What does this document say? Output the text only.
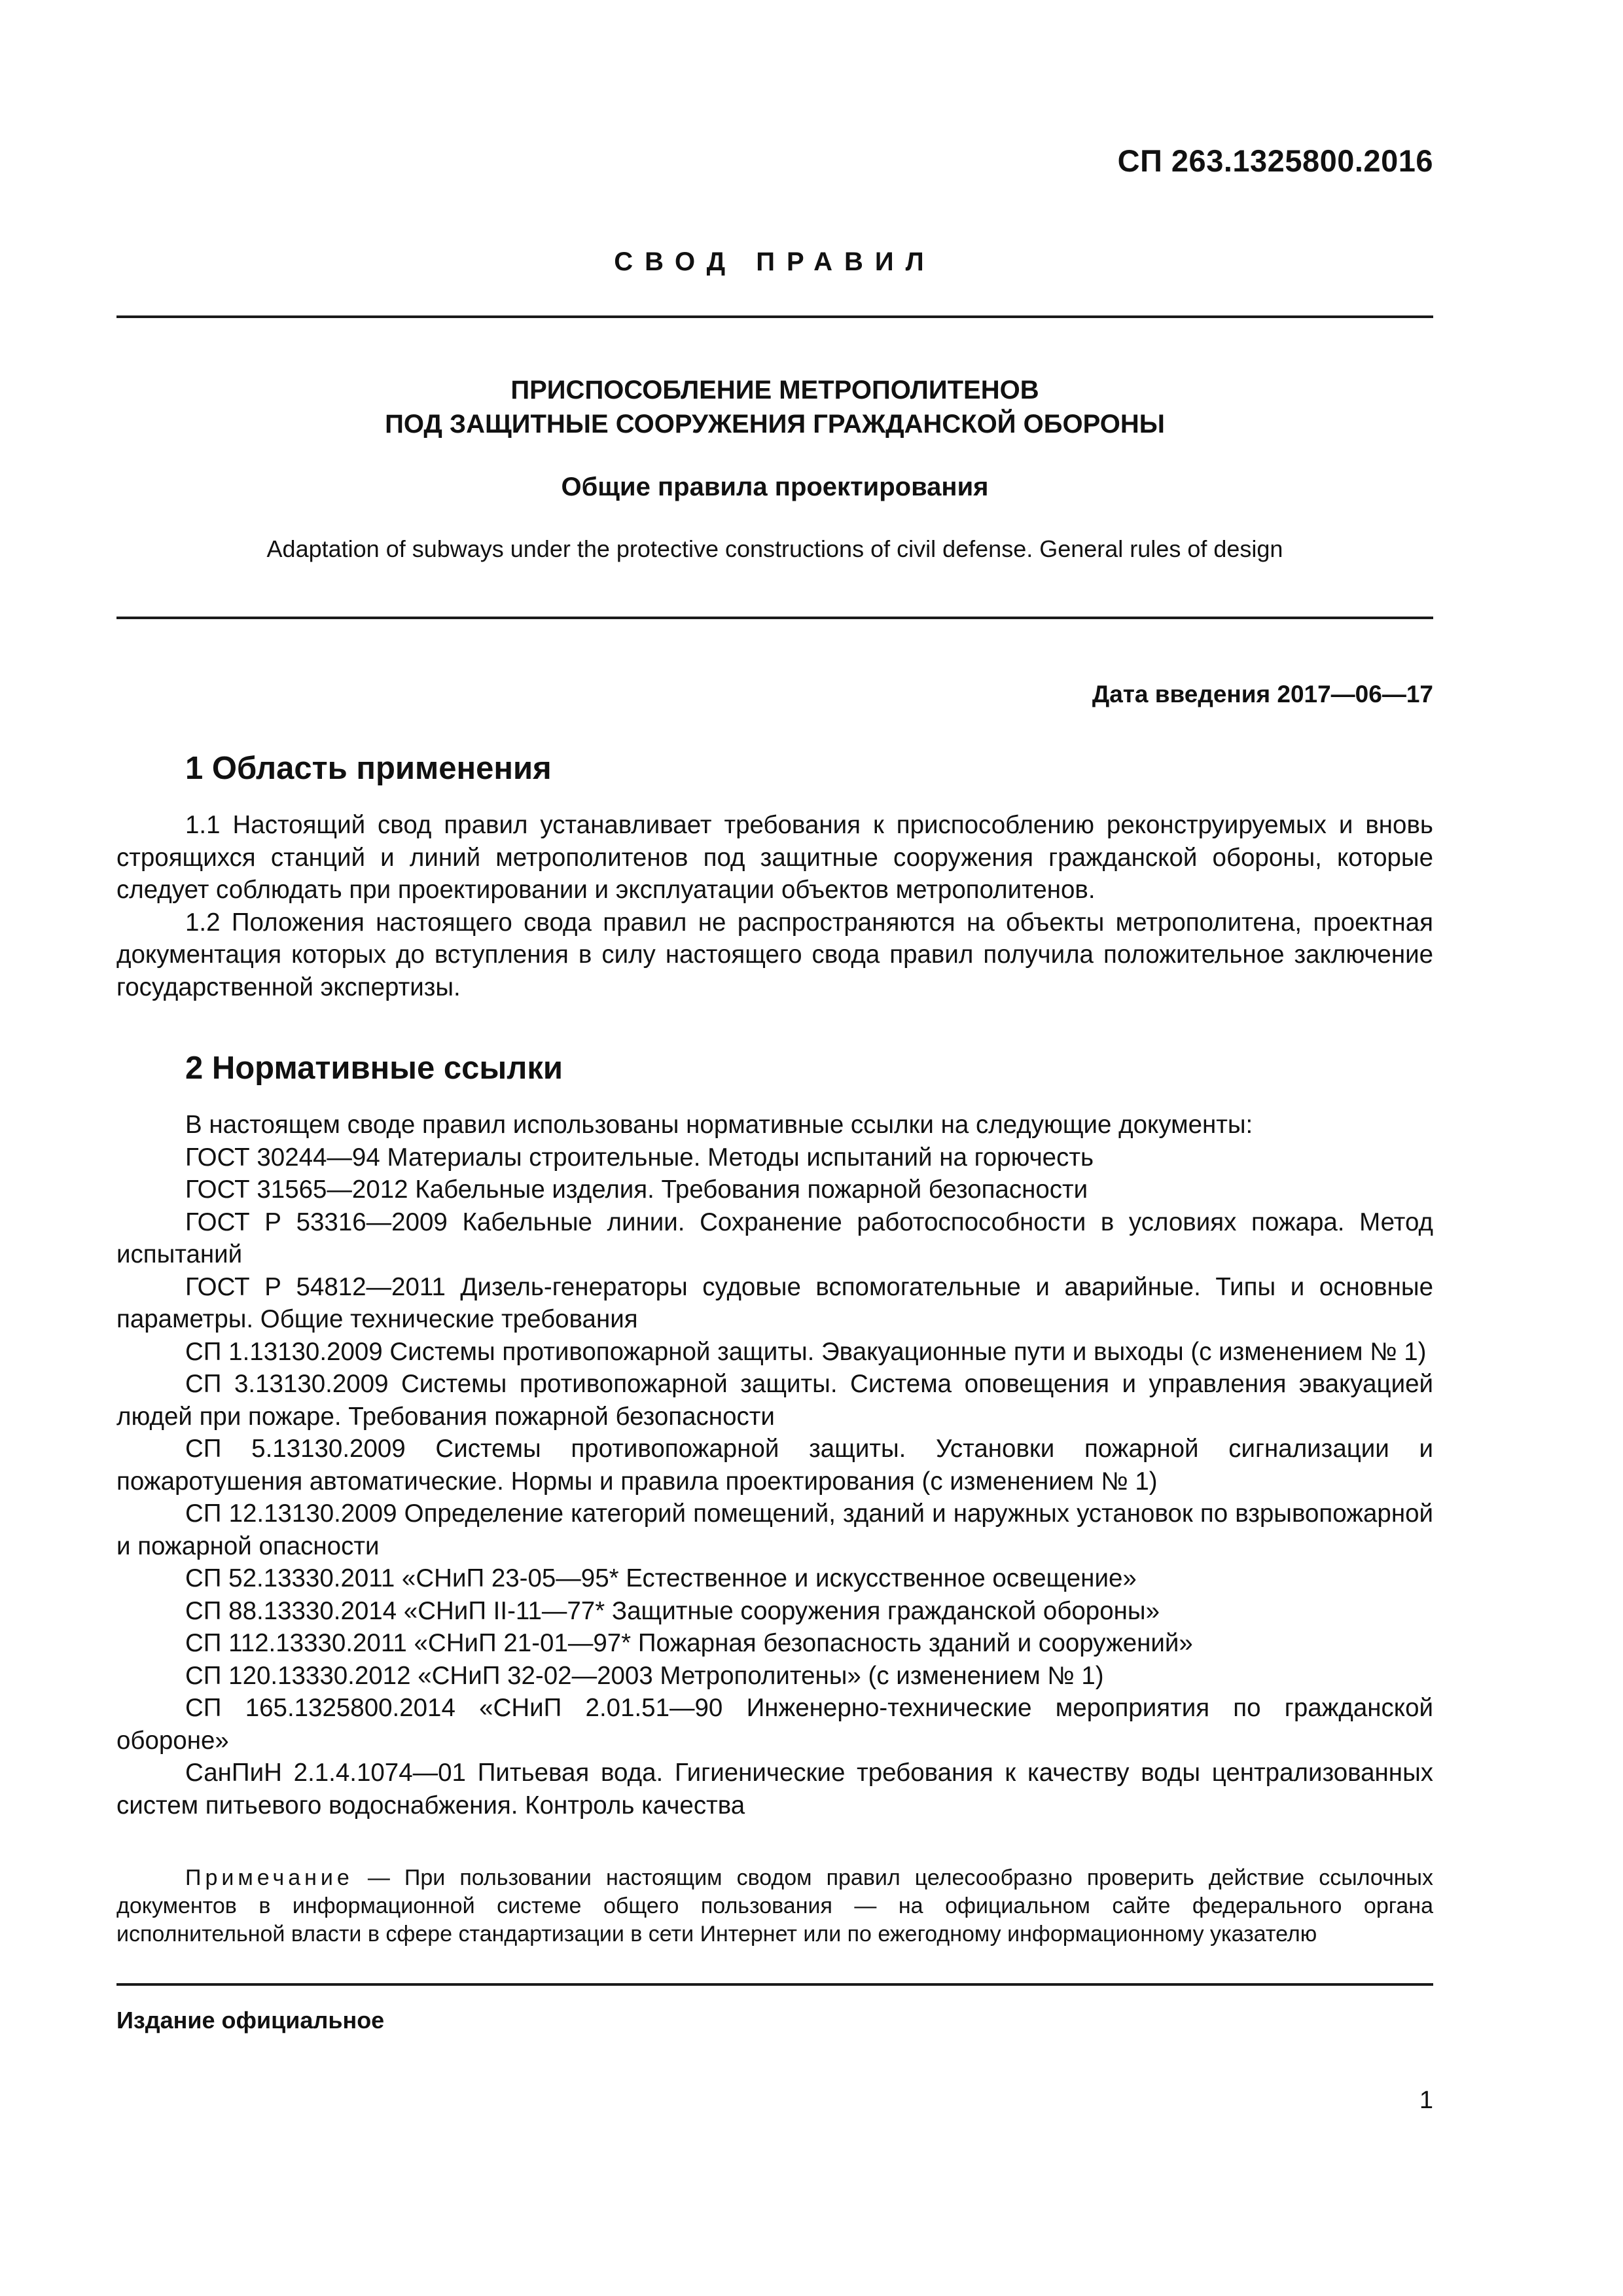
СП 263.1325800.2016
СВОД ПРАВИЛ
ПРИСПОСОБЛЕНИЕ МЕТРОПОЛИТЕНОВ
ПОД ЗАЩИТНЫЕ СООРУЖЕНИЯ ГРАЖДАНСКОЙ ОБОРОНЫ
Общие правила проектирования
Adaptation of subways under the protective constructions of civil defense. General rules of design
Дата введения 2017—06—17
1 Область применения

1.1 Настоящий свод правил устанавливает требования к приспособлению реконструируемых и вновь строящихся станций и линий метрополитенов под защитные сооружения гражданской обороны, которые следует соблюдать при проектировании и эксплуатации объектов метрополитенов.

1.2 Положения настоящего свода правил не распространяются на объекты метрополитена, проектная документация которых до вступления в силу настоящего свода правил получила положительное заключение государственной экспертизы.

2 Нормативные ссылки

В настоящем своде правил использованы нормативные ссылки на следующие документы:

ГОСТ 30244—94 Материалы строительные. Методы испытаний на горючесть

ГОСТ 31565—2012 Кабельные изделия. Требования пожарной безопасности

ГОСТ Р 53316—2009 Кабельные линии. Сохранение работоспособности в условиях пожара. Метод испытаний

ГОСТ Р 54812—2011 Дизель-генераторы судовые вспомогательные и аварийные. Типы и основные параметры. Общие технические требования

СП 1.13130.2009 Системы противопожарной защиты. Эвакуационные пути и выходы (с изменением № 1)

СП 3.13130.2009 Системы противопожарной защиты. Система оповещения и управления эвакуацией людей при пожаре. Требования пожарной безопасности

СП 5.13130.2009 Системы противопожарной защиты. Установки пожарной сигнализации и пожаротушения автоматические. Нормы и правила проектирования (с изменением № 1)

СП 12.13130.2009 Определение категорий помещений, зданий и наружных установок по взрывопожарной и пожарной опасности

СП 52.13330.2011 «СНиП 23-05—95* Естественное и искусственное освещение»

СП 88.13330.2014 «СНиП II-11—77* Защитные сооружения гражданской обороны»

СП 112.13330.2011 «СНиП 21-01—97* Пожарная безопасность зданий и сооружений»

СП 120.13330.2012 «СНиП 32-02—2003 Метрополитены» (с изменением № 1)

СП 165.1325800.2014 «СНиП 2.01.51—90 Инженерно-технические мероприятия по гражданской обороне»

СанПиН 2.1.4.1074—01 Питьевая вода. Гигиенические требования к качеству воды централизованных систем питьевого водоснабжения. Контроль качества

Примечание — При пользовании настоящим сводом правил целесообразно проверить действие ссылочных документов в информационной системе общего пользования — на официальном сайте федерального органа исполнительной власти в сфере стандартизации в сети Интернет или по ежегодному информационному указателю

Издание официальное
1
